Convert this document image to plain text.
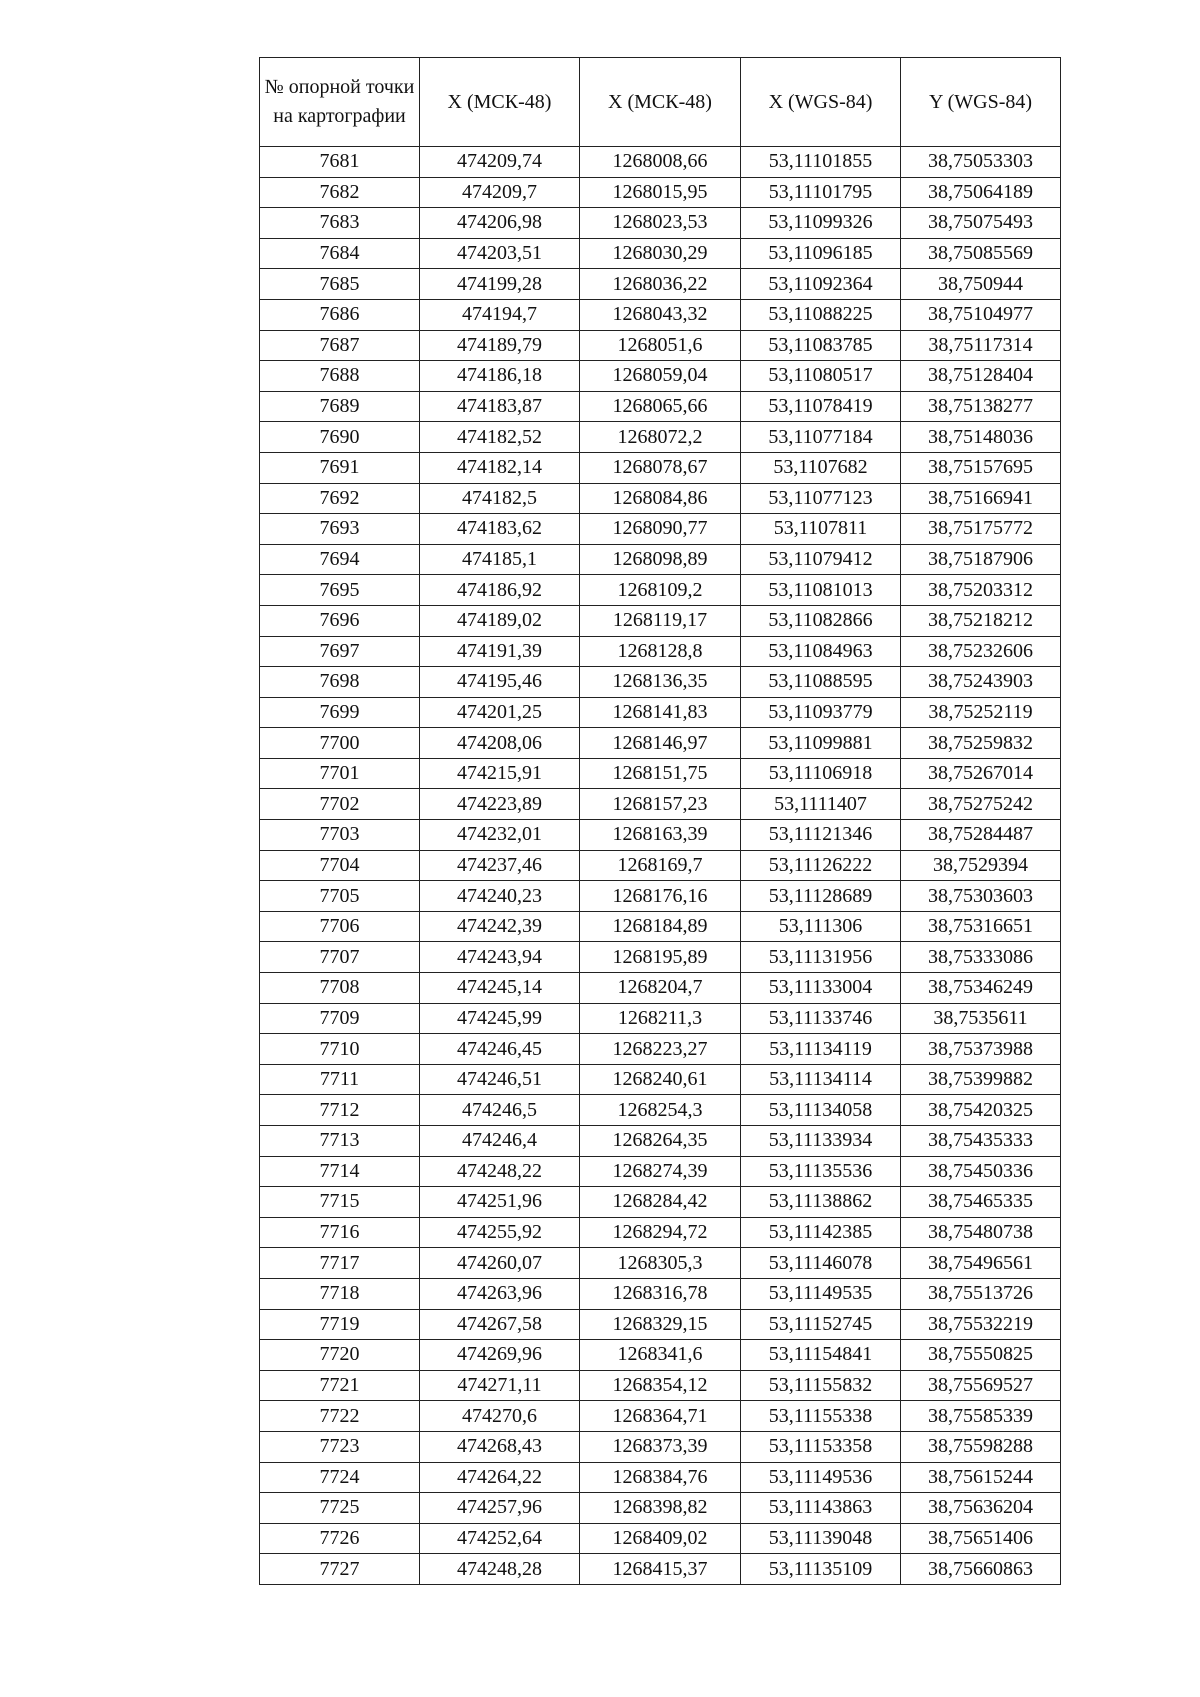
№ опорной точки на картографии	X (МСК-48)	X (МСК-48)	X (WGS-84)	Y (WGS-84)
7681	474209,74	1268008,66	53,11101855	38,75053303
7682	474209,7	1268015,95	53,11101795	38,75064189
7683	474206,98	1268023,53	53,11099326	38,75075493
7684	474203,51	1268030,29	53,11096185	38,75085569
7685	474199,28	1268036,22	53,11092364	38,750944
7686	474194,7	1268043,32	53,11088225	38,75104977
7687	474189,79	1268051,6	53,11083785	38,75117314
7688	474186,18	1268059,04	53,11080517	38,75128404
7689	474183,87	1268065,66	53,11078419	38,75138277
7690	474182,52	1268072,2	53,11077184	38,75148036
7691	474182,14	1268078,67	53,1107682	38,75157695
7692	474182,5	1268084,86	53,11077123	38,75166941
7693	474183,62	1268090,77	53,1107811	38,75175772
7694	474185,1	1268098,89	53,11079412	38,75187906
7695	474186,92	1268109,2	53,11081013	38,75203312
7696	474189,02	1268119,17	53,11082866	38,75218212
7697	474191,39	1268128,8	53,11084963	38,75232606
7698	474195,46	1268136,35	53,11088595	38,75243903
7699	474201,25	1268141,83	53,11093779	38,75252119
7700	474208,06	1268146,97	53,11099881	38,75259832
7701	474215,91	1268151,75	53,11106918	38,75267014
7702	474223,89	1268157,23	53,1111407	38,75275242
7703	474232,01	1268163,39	53,11121346	38,75284487
7704	474237,46	1268169,7	53,11126222	38,7529394
7705	474240,23	1268176,16	53,11128689	38,75303603
7706	474242,39	1268184,89	53,111306	38,75316651
7707	474243,94	1268195,89	53,11131956	38,75333086
7708	474245,14	1268204,7	53,11133004	38,75346249
7709	474245,99	1268211,3	53,11133746	38,7535611
7710	474246,45	1268223,27	53,11134119	38,75373988
7711	474246,51	1268240,61	53,11134114	38,75399882
7712	474246,5	1268254,3	53,11134058	38,75420325
7713	474246,4	1268264,35	53,11133934	38,75435333
7714	474248,22	1268274,39	53,11135536	38,75450336
7715	474251,96	1268284,42	53,11138862	38,75465335
7716	474255,92	1268294,72	53,11142385	38,75480738
7717	474260,07	1268305,3	53,11146078	38,75496561
7718	474263,96	1268316,78	53,11149535	38,75513726
7719	474267,58	1268329,15	53,11152745	38,75532219
7720	474269,96	1268341,6	53,11154841	38,75550825
7721	474271,11	1268354,12	53,11155832	38,75569527
7722	474270,6	1268364,71	53,11155338	38,75585339
7723	474268,43	1268373,39	53,11153358	38,75598288
7724	474264,22	1268384,76	53,11149536	38,75615244
7725	474257,96	1268398,82	53,11143863	38,75636204
7726	474252,64	1268409,02	53,11139048	38,75651406
7727	474248,28	1268415,37	53,11135109	38,75660863
